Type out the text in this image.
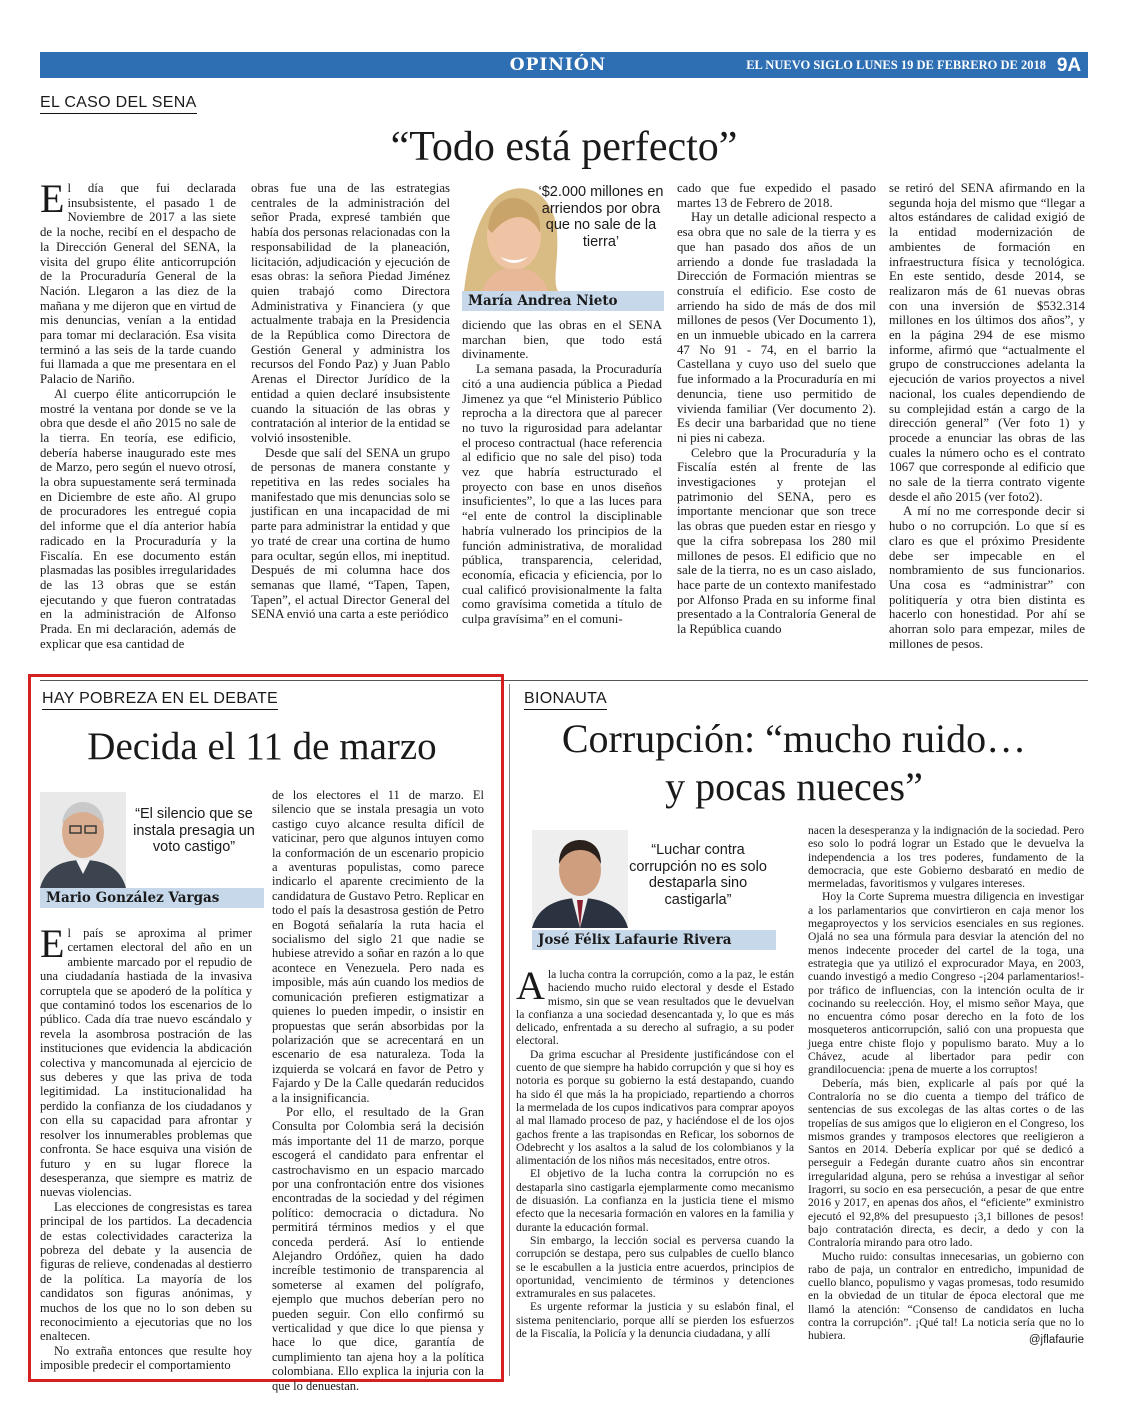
OPINIÓN	EL NUEVO SIGLO LUNES 19 DE FEBRERO DE 2018 9A
EL CASO DEL SENA
“Todo está perfecto”

El día que fui declarada insubsistente, el pasado 1 de Noviembre de 2017 a las siete de la noche, recibí en el despacho de la Dirección General del SENA, la visita del grupo élite anticorrupción de la Procuraduría General de la Nación. Llegaron a las diez de la mañana y me dijeron que en virtud de mis denuncias, venían a la entidad para tomar mi declaración. Esa visita terminó a las seis de la tarde cuando fui llamada a que me presentara en el Palacio de Nariño.

Al cuerpo élite anticorrupción le mostré la ventana por donde se ve la obra que desde el año 2015 no sale de la tierra. En teoría, ese edificio, debería haberse inaugurado este mes de Marzo, pero según el nuevo otrosí, la obra supuestamente será terminada en Diciembre de este año. Al grupo de procuradores les entregué copia del informe que el día anterior había radicado en la Procuraduría y la Fiscalía. En ese documento están plasmadas las posibles irregularidades de las 13 obras que se están ejecutando y que fueron contratadas en la administración de Alfonso Prada. En mi declaración, además de explicar que esa cantidad de

obras fue una de las estrategias centrales de la administración del señor Prada, expresé también que había dos personas relacionadas con la responsabilidad de la planeación, licitación, adjudicación y ejecución de esas obras: la señora Piedad Jiménez quien trabajó como Directora Administrativa y Financiera (y que actualmente trabaja en la Presidencia de la República como Directora de Gestión General y administra los recursos del Fondo Paz) y Juan Pablo Arenas el Director Jurídico de la entidad a quien declaré insubsistente cuando la situación de las obras y contratación al interior de la entidad se volvió insostenible.

Desde que salí del SENA un grupo de personas de manera constante y repetitiva en las redes sociales ha manifestado que mis denuncias solo se justifican en una incapacidad de mi parte para administrar la entidad y que yo traté de crear una cortina de humo para ocultar, según ellos, mi ineptitud. Después de mi columna hace dos semanas que llamé, “Tapen, Tapen, Tapen”, el actual Director General del SENA envió una carta a este periódico

‘$2.000 millones en arriendos por obra que no sale de la tierra’
María Andrea Nieto

diciendo que las obras en el SENA marchan bien, que todo está divinamente.

La semana pasada, la Procuraduría citó a una audiencia pública a Piedad Jimenez ya que “el Ministerio Público reprocha a la directora que al parecer no tuvo la rigurosidad para adelantar el proceso contractual (hace referencia al edificio que no sale del piso) toda vez que habría estructurado el proyecto con base en unos diseños insuficientes”, lo que a las luces para “el ente de control la disciplinable habría vulnerado los principios de la función administrativa, de moralidad pública, transparencia, celeridad, economía, eficacia y eficiencia, por lo cual calificó provisionalmente la falta como gravísima cometida a título de culpa gravísima” en el comuni-

cado que fue expedido el pasado martes 13 de Febrero de 2018.

Hay un detalle adicional respecto a esa obra que no sale de la tierra y es que han pasado dos años de un arriendo a donde fue trasladada la Dirección de Formación mientras se construía el edificio. Ese costo de arriendo ha sido de más de dos mil millones de pesos (Ver Documento 1), en un inmueble ubicado en la carrera 47 No 91 - 74, en el barrio la Castellana y cuyo uso del suelo que fue informado a la Procuraduría en mi denuncia, tiene uso permitido de vivienda familiar (Ver documento 2). Es decir una barbaridad que no tiene ni pies ni cabeza.

Celebro que la Procuraduría y la Fiscalía estén al frente de las investigaciones y protejan el patrimonio del SENA, pero es importante mencionar que son trece las obras que pueden estar en riesgo y que la cifra sobrepasa los 280 mil millones de pesos. El edificio que no sale de la tierra, no es un caso aislado, hace parte de un contexto manifestado por Alfonso Prada en su informe final presentado a la Contraloría General de la República cuando

se retiró del SENA afirmando en la segunda hoja del mismo que “llegar a altos estándares de calidad exigió de la entidad modernización de ambientes de formación en infraestructura física y tecnológica. En este sentido, desde 2014, se realizaron más de 61 nuevas obras con una inversión de $532.314 millones en los últimos dos años”, y en la página 294 de ese mismo informe, afirmó que “actualmente el grupo de construcciones adelanta la ejecución de varios proyectos a nivel nacional, los cuales dependiendo de su complejidad están a cargo de la dirección general” (Ver foto 1) y procede a enunciar las obras de las cuales la número ocho es el contrato 1067 que corresponde al edificio que no sale de la tierra contrato vigente desde el año 2015 (ver foto2).

A mí no me corresponde decir si hubo o no corrupción. Lo que sí es claro es que el próximo Presidente debe ser impecable en el nombramiento de sus funcionarios. Una cosa es “administrar” con politiquería y otra bien distinta es hacerlo con honestidad. Por ahí se ahorran solo para empezar, miles de millones de pesos.

HAY POBREZA EN EL DEBATE
Decida el 11 de marzo
“El silencio que se instala presagia un voto castigo”
Mario González Vargas

El país se aproxima al primer certamen electoral del año en un ambiente marcado por el repudio de una ciudadanía hastiada de la invasiva corruptela que se apoderó de la política y que contaminó todos los escenarios de lo público. Cada día trae nuevo escándalo y revela la asombrosa postración de las instituciones que evidencia la abdicación colectiva y mancomunada al ejercicio de sus deberes y que las priva de toda legitimidad. La institucionalidad ha perdido la confianza de los ciudadanos y con ella su capacidad para afrontar y resolver los innumerables problemas que confronta. Se hace esquiva una visión de futuro y en su lugar florece la desesperanza, que siempre es matriz de nuevas violencias.

Las elecciones de congresistas es tarea principal de los partidos. La decadencia de estas colectividades caracteriza la pobreza del debate y la ausencia de figuras de relieve, condenadas al destierro de la política. La mayoría de los candidatos son figuras anónimas, y muchos de los que no lo son deben su reconocimiento a ejecutorias que no los enaltecen.

No extraña entonces que resulte hoy imposible predecir el comportamiento

de los electores el 11 de marzo. El silencio que se instala presagia un voto castigo cuyo alcance resulta difícil de vaticinar, pero que algunos intuyen como la conformación de un escenario propicio a aventuras populistas, como parece indicarlo el aparente crecimiento de la candidatura de Gustavo Petro. Replicar en todo el país la desastrosa gestión de Petro en Bogotá señalaría la ruta hacia el socialismo del siglo 21 que nadie se hubiese atrevido a soñar en razón a lo que acontece en Venezuela. Pero nada es imposible, más aún cuando los medios de comunicación prefieren estigmatizar a quienes lo pueden impedir, o insistir en propuestas que serán absorbidas por la polarización que se acrecentará en un escenario de esa naturaleza. Toda la izquierda se volcará en favor de Petro y Fajardo y De la Calle quedarán reducidos a la insignificancia.

Por ello, el resultado de la Gran Consulta por Colombia será la decisión más importante del 11 de marzo, porque escogerá el candidato para enfrentar el castrochavismo en un espacio marcado por una confrontación entre dos visiones encontradas de la sociedad y del régimen político: democracia o dictadura. No permitirá términos medios y el que conceda perderá. Así lo entiende Alejandro Ordóñez, quien ha dado increíble testimonio de transparencia al someterse al examen del polígrafo, ejemplo que muchos deberían pero no pueden seguir. Con ello confirmó su verticalidad y que dice lo que piensa y hace lo que dice, garantía de cumplimiento tan ajena hoy a la política colombiana. Ello explica la injuria con la que lo denuestan.

BIONAUTA
Corrupción: “mucho ruido…
y pocas nueces”
“Luchar contra corrupción no es solo destaparla sino castigarla”
José Félix Lafaurie Rivera

A la lucha contra la corrupción, como a la paz, le están haciendo mucho ruido electoral y desde el Estado mismo, sin que se vean resultados que le devuelvan la confianza a una sociedad desencantada y, lo que es más delicado, enfrentada a su derecho al sufragio, a su poder electoral.

Da grima escuchar al Presidente justificándose con el cuento de que siempre ha habido corrupción y que si hoy es notoria es porque su gobierno la está destapando, cuando ha sido él que más la ha propiciado, repartiendo a chorros la mermelada de los cupos indicativos para comprar apoyos al mal llamado proceso de paz, y haciéndose el de los ojos gachos frente a las trapisondas en Reficar, los sobornos de Odebrecht y los asaltos a la salud de los colombianos y la alimentación de los niños más necesitados, entre otros.

El objetivo de la lucha contra la corrupción no es destaparla sino castigarla ejemplarmente como mecanismo de disuasión. La confianza en la justicia tiene el mismo efecto que la necesaria formación en valores en la familia y durante la educación formal.

Sin embargo, la lección social es perversa cuando la corrupción se destapa, pero sus culpables de cuello blanco se le escabullen a la justicia entre acuerdos, principios de oportunidad, vencimiento de términos y detenciones extramurales en sus palacetes.

Es urgente reformar la justicia y su eslabón final, el sistema penitenciario, porque allí se pierden los esfuerzos de la Fiscalía, la Policía y la denuncia ciudadana, y allí

nacen la desesperanza y la indignación de la sociedad. Pero eso solo lo podrá lograr un Estado que le devuelva la independencia a los tres poderes, fundamento de la democracia, que este Gobierno desbarató en medio de mermeladas, favoritismos y vulgares intereses.

Hoy la Corte Suprema muestra diligencia en investigar a los parlamentarios que convirtieron en caja menor los megaproyectos y los servicios esenciales en sus regiones. Ojalá no sea una fórmula para desviar la atención del no menos indecente proceder del cartel de la toga, una estrategia que ya utilizó el exprocurador Maya, en 2003, cuando investigó a medio Congreso -¡204 parlamentarios!- por tráfico de influencias, con la intención oculta de ir cocinando su reelección. Hoy, el mismo señor Maya, que no encuentra cómo posar derecho en la foto de los mosqueteros anticorrupción, salió con una propuesta que juega entre chiste flojo y populismo barato. Muy a lo Chávez, acude al libertador para pedir con grandilocuencia: ¡pena de muerte a los corruptos!

Debería, más bien, explicarle al país por qué la Contraloría no se dio cuenta a tiempo del tráfico de sentencias de sus excolegas de las altas cortes o de las tropelías de sus amigos que lo eligieron en el Congreso, los mismos grandes y tramposos electores que reeligieron a Santos en 2014. Debería explicar por qué se dedicó a perseguir a Fedegán durante cuatro años sin encontrar irregularidad alguna, pero se rehúsa a investigar al señor Iragorri, su socio en esa persecución, a pesar de que entre 2016 y 2017, en apenas dos años, el “eficiente” exministro ejecutó el 92,8% del presupuesto ¡3,1 billones de pesos! bajo contratación directa, es decir, a dedo y con la Contraloría mirando para otro lado.

Mucho ruido: consultas innecesarias, un gobierno con rabo de paja, un contralor en entredicho, impunidad de cuello blanco, populismo y vagas promesas, todo resumido en la obviedad de un titular de época electoral que me llamó la atención: “Consenso de candidatos en lucha contra la corrupción”. ¡Qué tal! La noticia sería que no lo hubiera.	@jflafaurie
